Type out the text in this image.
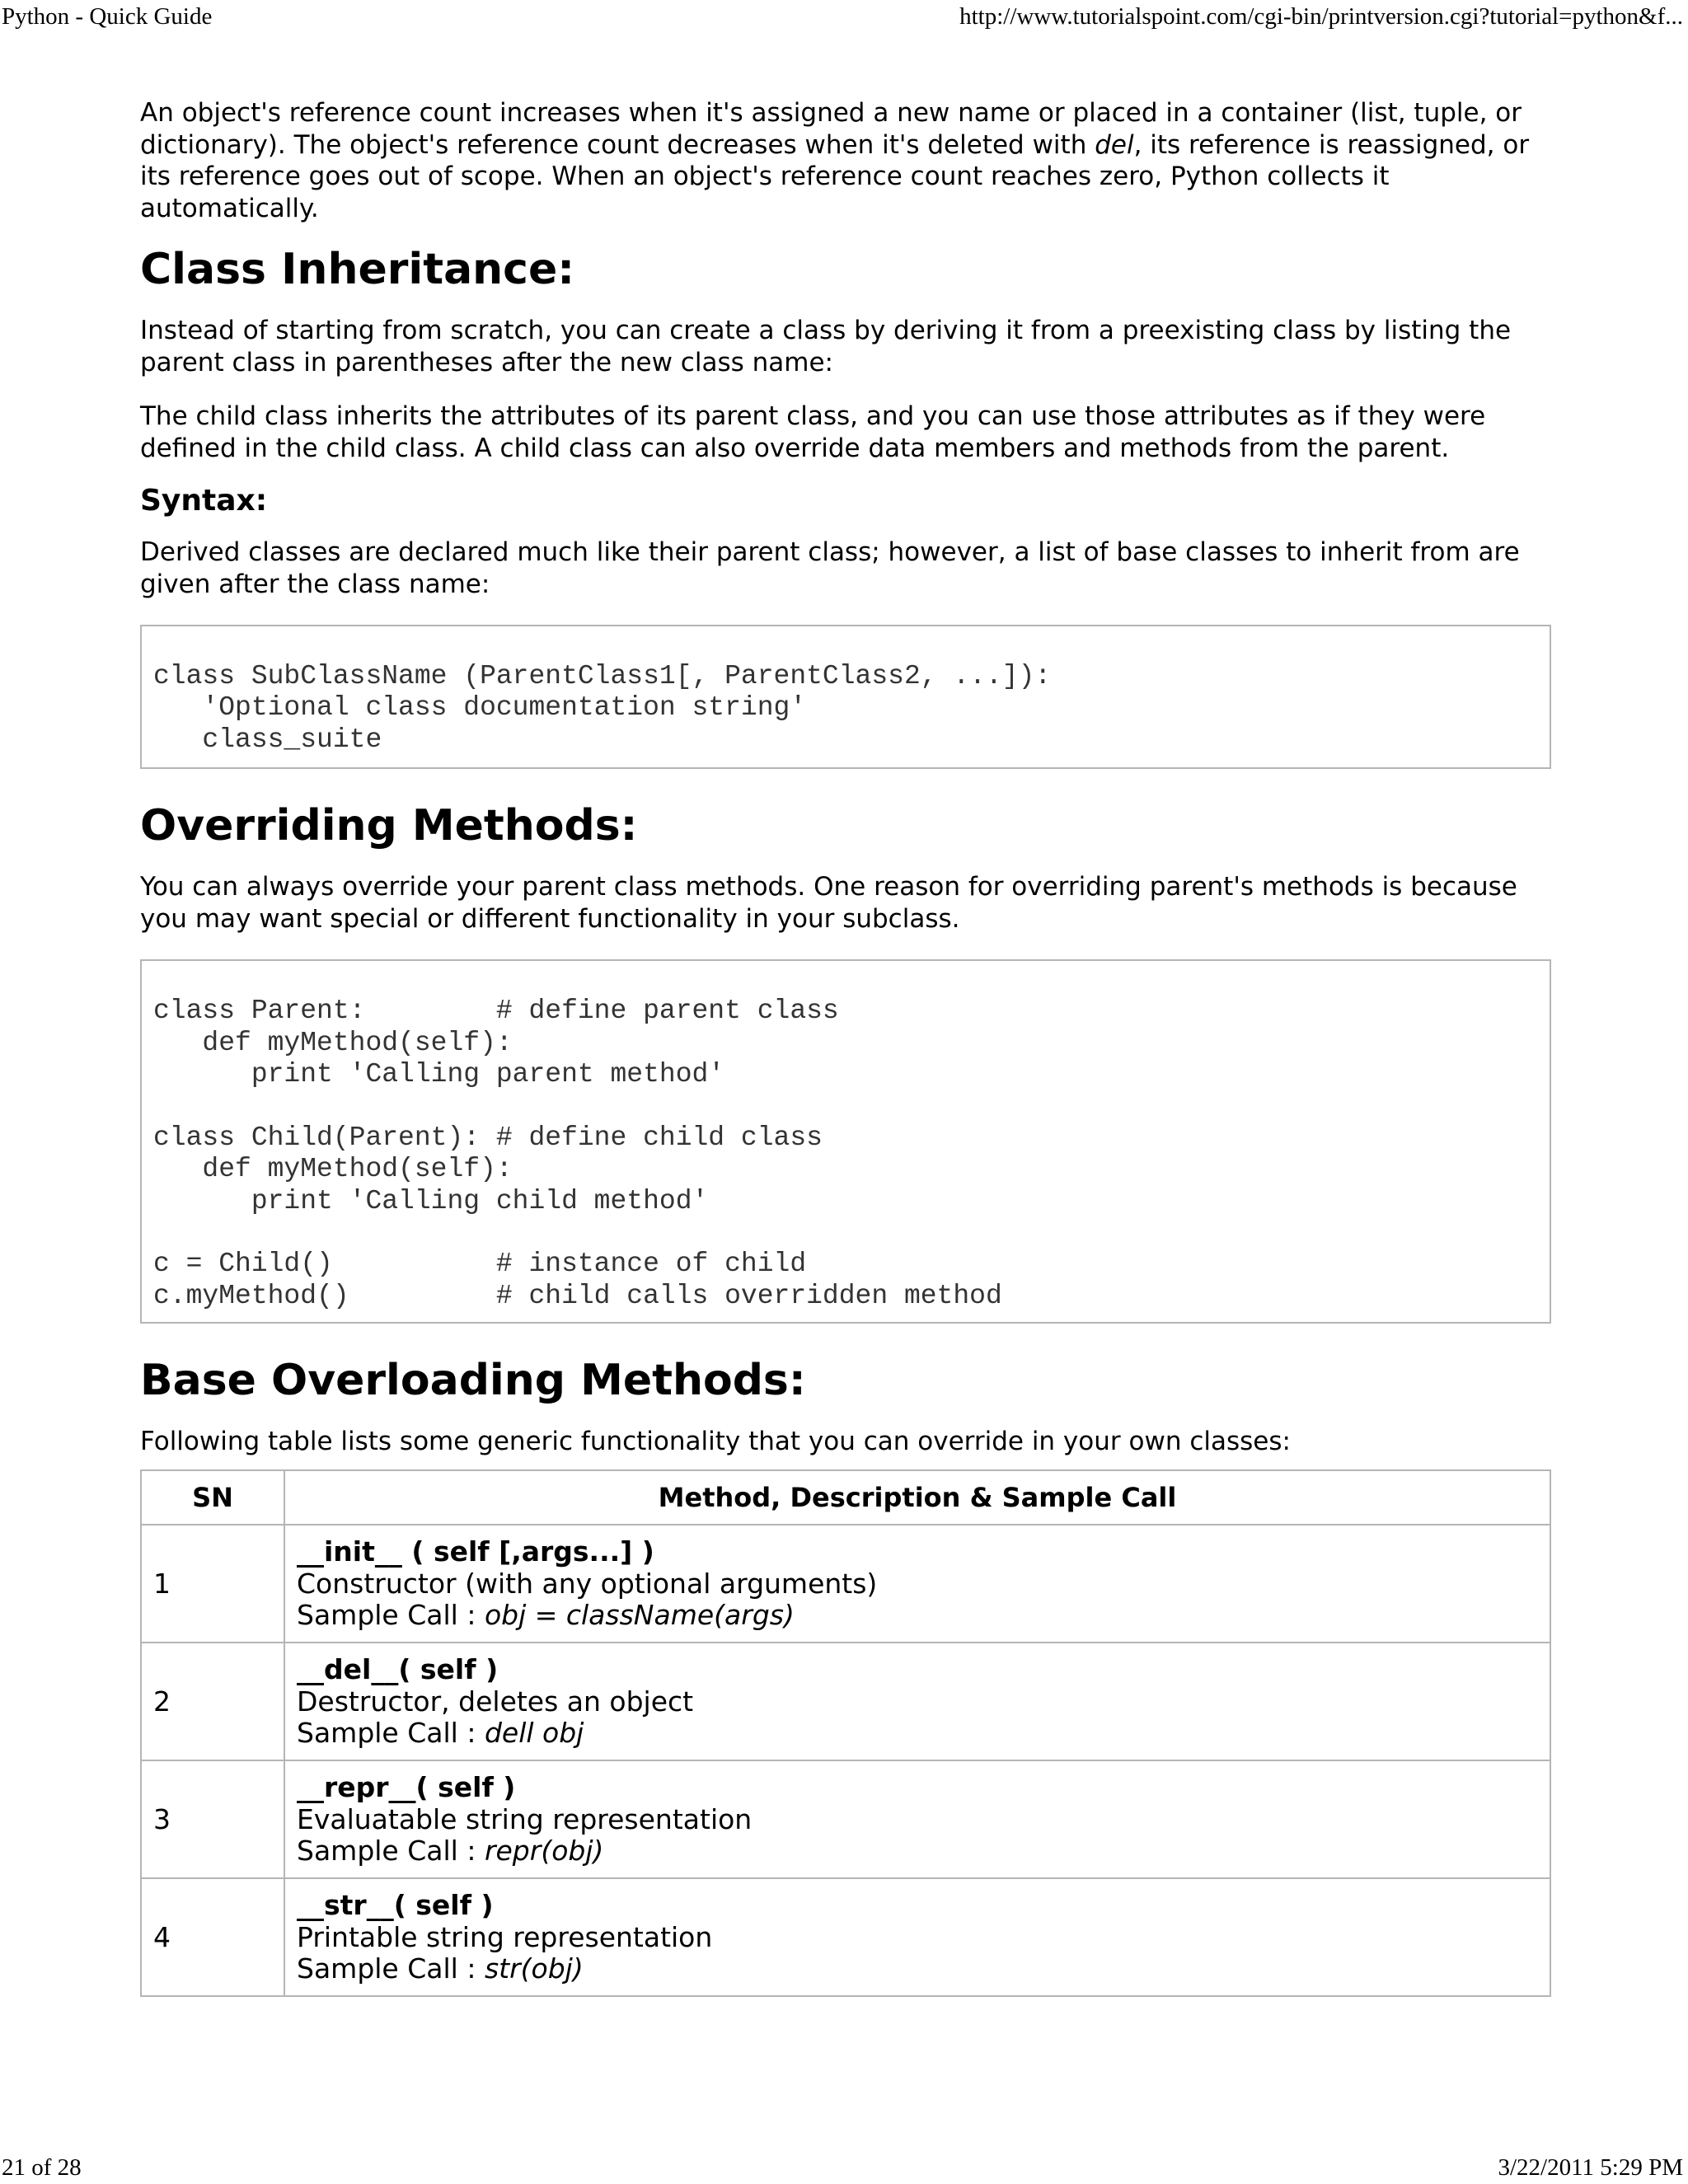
Python - Quick Guide	http://www.tutorialspoint.com/cgi-bin/printversion.cgi?tutorial=python&f...

An object's reference count increases when it's assigned a new name or placed in a container (list, tuple, or dictionary). The object's reference count decreases when it's deleted with del, its reference is reassigned, or its reference goes out of scope. When an object's reference count reaches zero, Python collects it automatically.

Class Inheritance:

Instead of starting from scratch, you can create a class by deriving it from a preexisting class by listing the parent class in parentheses after the new class name:

The child class inherits the attributes of its parent class, and you can use those attributes as if they were defined in the child class. A child class can also override data members and methods from the parent.

Syntax:

Derived classes are declared much like their parent class; however, a list of base classes to inherit from are given after the class name:

class SubClassName (ParentClass1[, ParentClass2, ...]):
'Optional class documentation string'
class_suite
Overriding Methods:

You can always override your parent class methods. One reason for overriding parent's methods is because you may want special or different functionality in your subclass.

class Parent:        # define parent class
def myMethod(self):
print 'Calling parent method'
class Child(Parent): # define child class
def myMethod(self):
print 'Calling child method'
c = Child()          # instance of child
c.myMethod()         # child calls overridden method
Base Overloading Methods:

Following table lists some generic functionality that you can override in your own classes:

SN	Method, Description & Sample Call
1	__init__ ( self [,args...] )
Constructor (with any optional arguments)
Sample Call : obj = className(args)

2	__del__( self )
Destructor, deletes an object
Sample Call : dell obj

3	__repr__( self )
Evaluatable string representation
Sample Call : repr(obj)

4	__str__( self )
Printable string representation
Sample Call : str(obj)
21 of 28	3/22/2011 5:29 PM
